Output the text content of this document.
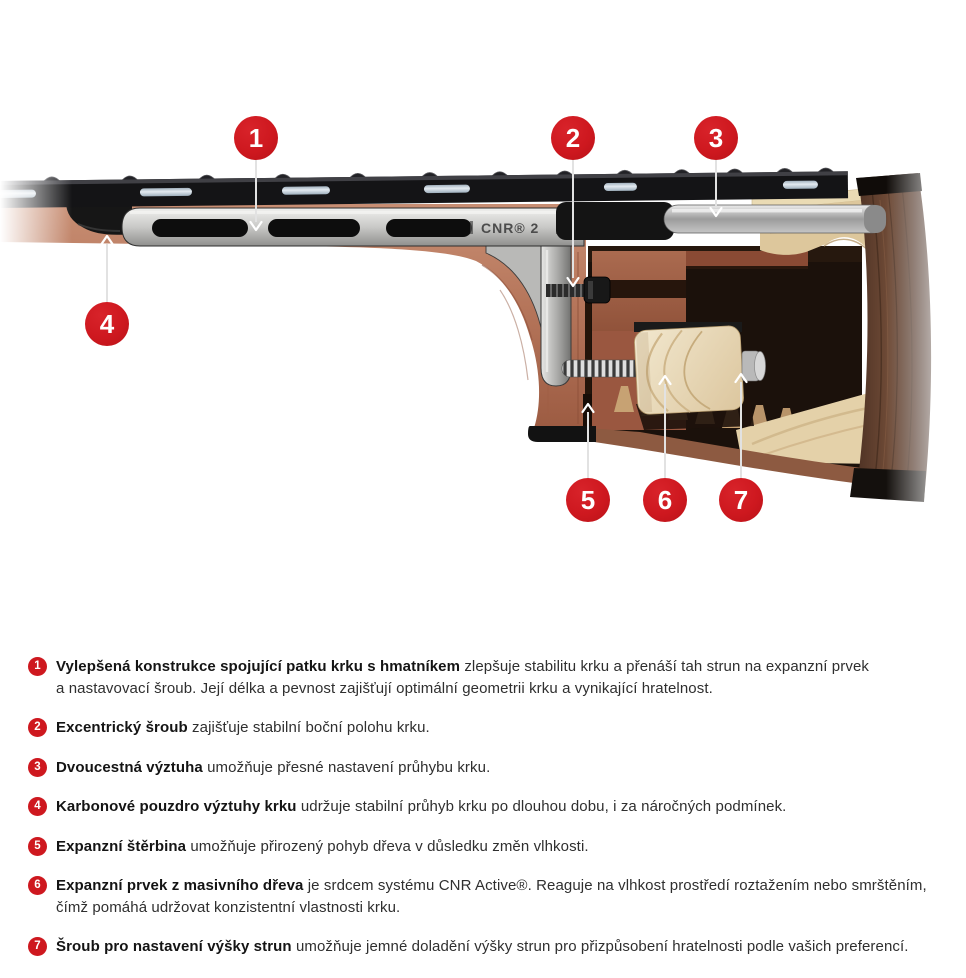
CNR® 2
1	2	3
4
5	6	7
1	Vylepšená konstrukce spojující patku krku s hmatníkem zlepšuje stabilitu krku a přenáší tah strun na expanzní prvek
a nastavovací šroub. Její délka a pevnost zajišťují optimální geometrii krku a vynikající hratelnost.

2	Excentrický šroub zajišťuje stabilní boční polohu krku.

3	Dvoucestná výztuha umožňuje přesné nastavení průhybu krku.

4	Karbonové pouzdro výztuhy krku udržuje stabilní průhyb krku po dlouhou dobu, i za náročných podmínek.

5	Expanzní štěrbina umožňuje přirozený pohyb dřeva v důsledku změn vlhkosti.

6	Expanzní prvek z masivního dřeva je srdcem systému CNR Active®. Reaguje na vlhkost prostředí roztažením nebo smrštěním,
čímž pomáhá udržovat konzistentní vlastnosti krku.

7	Šroub pro nastavení výšky strun umožňuje jemné doladění výšky strun pro přizpůsobení hratelnosti podle vašich preferencí.
